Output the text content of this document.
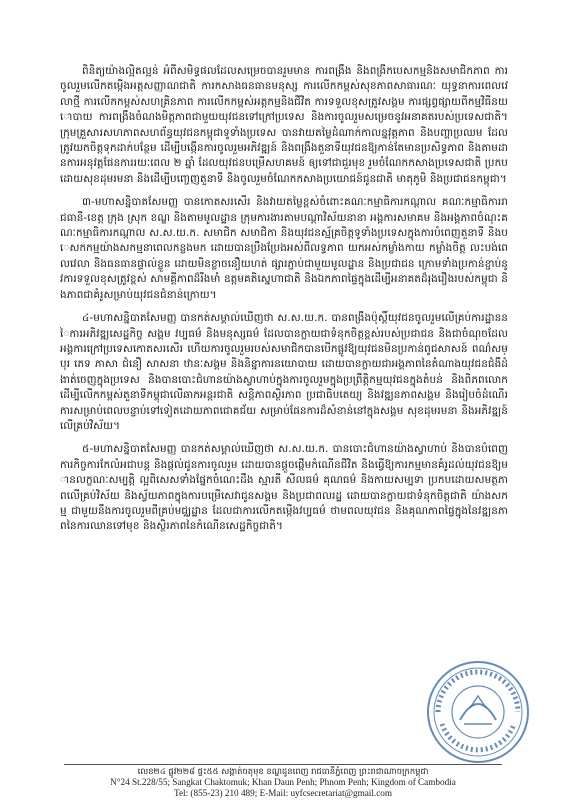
ពិនិត្យយ៉ាងល្អិតល្អន់ អំពីសមិទ្ធផលដែលសម្រេចបានរួមមាន ការពង្រឹង និងពង្រីកបេសកម្មនិងសមាជិកភាព ការចូលរួមលើកតម្កើងអត្តសញ្ញាណជាតិ ការកសាងធនធានមនុស្ស ការលើកកម្ពស់សុខភាពសាធារណៈ យុទ្ធនាការពេលវេលាថ្មី ការលើកកម្ពស់សហគ្រិនភាព ការលើកកម្ពស់អត្តកម្មនិងជីវិត ការទទួលខុសត្រូវសង្គម ការផ្សព្វផ្សាយពីកម្មវិធីនយោបាយ ការពង្រឹងចំណងមិត្តភាពជាមួយយុវជនទៅក្រៅប្រទេស និងការចូលរួមសម្រេចនូវអនាគតរបស់ប្រទេសជាតិ។ ក្រុមគ្រួសារសហភាពសហព័ន្ធយុវជនកម្ពុជាទូទាំងប្រទេស បានវាយតម្លៃដំណាក់កាលន្នវុត្តភាព និងបញ្ហាប្រឈម ដែលត្រូវយកចិត្តទុកដាក់បន្ថែម ដើម្បីបង្កើនការចូលរួមអភិវឌ្ឍន៍ និងពង្រឹងតួនាទីយុវជនឱ្យកាន់តែមានប្រសិទ្ធភាព និងតាមដានការអនុវត្តផែនការរយៈពេល ២ ឆ្នាំ ដែលយុវជនបម្រើសហគមន៍ ឲ្យទៅជាជួរមុខ រួមចំណែកកសាងប្រទេសជាតិ ប្រកបដោយសុខដុមរមនា និងដើម្បីបញ្ចេញតួនាទី និងចូលរួមចំណែកកសាងប្រយោជន៍ជូនជាតិ មាតុភូមិ និងប្រជាជនកម្ពុជា។

៣-មហាសន្និបាតសែមញ្ញ បានកោតសរសើរ និងវាយតម្លៃខ្ពស់ចំពោះគណៈកម្មាធិការកណ្តាល គណៈកម្មាធិការរាជធានី-ខេត្ត ក្រុង ស្រុក ខណ្ឌ និងតាមមូលដ្ឋាន ក្រុមការងារតាមបណ្តាវិស័យនានា អង្គការសមាគម និងអង្គភាពចំណុះគណៈកម្មាធិការកណ្តាល ស.ស.យ.ក. សមាជិក សមាជិកា និងយុវជនស្ម័គ្រចិត្តទូទាំងប្រទេសក្នុងការបំពេញតួនាទី និងបេសកកម្មយ៉ាងសកម្មនាពេលកន្លងមក ដោយបានប្រឹងប្រែងអស់ពីលទ្ធភាព យកអស់កម្លាំងកាយ កម្លាំងចិត្ត លះបង់ពេលវេលា និងធនធានផ្ទាល់ខ្លួន ដោយមិនខ្លាចនឿយហត់ ផ្សារភ្ជាប់ជាមួយមូលដ្ឋាន និងប្រជាជន ក្រោមទាំងប្រកាន់ខ្ជាប់នូវការទទួលខុសត្រូវខ្ពស់ សាមគ្គីភាពដ៏រឹងមាំ ឧត្តមគតិស្នេហាជាតិ និងឯកភាពផ្ទៃក្នុងដើម្បីអនាគតដ៏រុងរឿងរបស់កម្ពុជា និងភាពជាគំរូសម្រាប់យុវជនជំនាន់ក្រោយ។

៤-មហាសន្និបាតសែមញ្ញ បានកត់សម្គាល់ឃើញថា ស.ស.យ.ក. បានពង្រឹងប៉ុស្តិ៍យុវជនចូលរួមលើគ្រប់ការដ្ឋាននៃការអភិវឌ្ឍសេដ្ឋកិច្ច សង្គម វប្បធម៌ និងមនុស្សធម៌ ដែលបានក្លាយជាទំនុកចិត្តខ្ពស់របស់ប្រជាជន និងជាចំណុចដែលអង្គការក្រៅប្រទេសកោតសរសើរ ហើយការចូលរួមរបស់សមាជិកបានបើកផ្លូវឱ្យយុវជនមិនប្រកាន់ពូជសាសន៍ ពណ៌សម្បុរ ភេទ ភាសា ជំនឿ សាសនា ឋានៈសង្គម និងនិន្នាការនយោបាយ ដោយបានក្លាយជាអង្គភាពនៃតំណាងយុវជនជំងឺដំងាត់ចេញក្នុងប្រទេស និងបានបោះជំហានយ៉ាងស្វាហាប់ក្នុងការចូលរួមក្នុងប្រព្រឹត្តិកម្មយុវជនក្នុងតំបន់ និងពិភពលោក ដើម្បីលើកកម្ពស់តួនាទីកម្ពុជាលើឆាកអន្តរជាតិ សន្តិភាពស្ថិរភាព ប្រជាធិបតេយ្យ និងវឌ្ឍនភាពសង្គម និងរៀបចំដំណើរការសម្រាប់ពេលបន្ទាប់ទៅទៀតដោយភាពជោគជ័យ សម្រាប់ផែនការដ៏សំខាន់នៅក្នុងសង្គម សុខដុមរមនា និងអភិវឌ្ឍន៍លើគ្រប់វិស័យ។

៥-មហាសន្និបាតសែមញ្ញ បានកត់សម្គាល់ឃើញថា ស.ស.យ.ក. បានបោះជំហានយ៉ាងស្វាហាប់ និងបានបំពេញការកិច្ចការកែលំអជាបន្ត និងផ្តល់ជូនការចូលរួម ដោយបានផ្តួចផ្តើមកំណើនជីវិត និងធ្វើឱ្យការកម្មមានគំរូដល់យុវជនឱ្យមានលក្ខណៈសម្បត្តិ ល្អពិសេសទាំងផ្នែកចំណេះដឹង ស្មារតី សីលធម៌ គុណធម៌ និងកាយសម្បទា ប្រកបដោយសមត្ថភាពលើគ្រប់វិស័យ និងស្វ័យភាពក្នុងការបម្រើសេវាជូនសង្គម និងប្រជាពលរដ្ឋ ដោយបានក្លាយជាទំនុកចិត្តជាតិ យ៉ាងសកម្ម ជាមួយនឹងការចូលរួមពីគ្រប់មជ្ឈដ្ឋាន ដែលជាការលើកតម្កើងវប្បធម៌ ថាមពលយុវជន និងគុណភាពផ្ទៃក្នុងនៃវឌ្ឍនភាពនៃការឈានទៅមុខ និងស្ថិរភាពនៃកំណើនសេដ្ឋកិច្ចជាតិ។

លេខ២៤ ផ្លូវ២២៨ ផ្ទះ៥៥ សង្កាត់ចតុមុខ ខណ្ឌដូនពេញ រាជធានីភ្នំពេញ ព្រះរាជាណាចក្រកម្ពុជា
N°24 St.228/55; Sangkat Chaktomuk; Khan Daun Penh; Phnom Penh; Kingdom of Cambodia
Tel: (855-23) 210 489; E-Mail: uyfcsecretariat@gmail.com
